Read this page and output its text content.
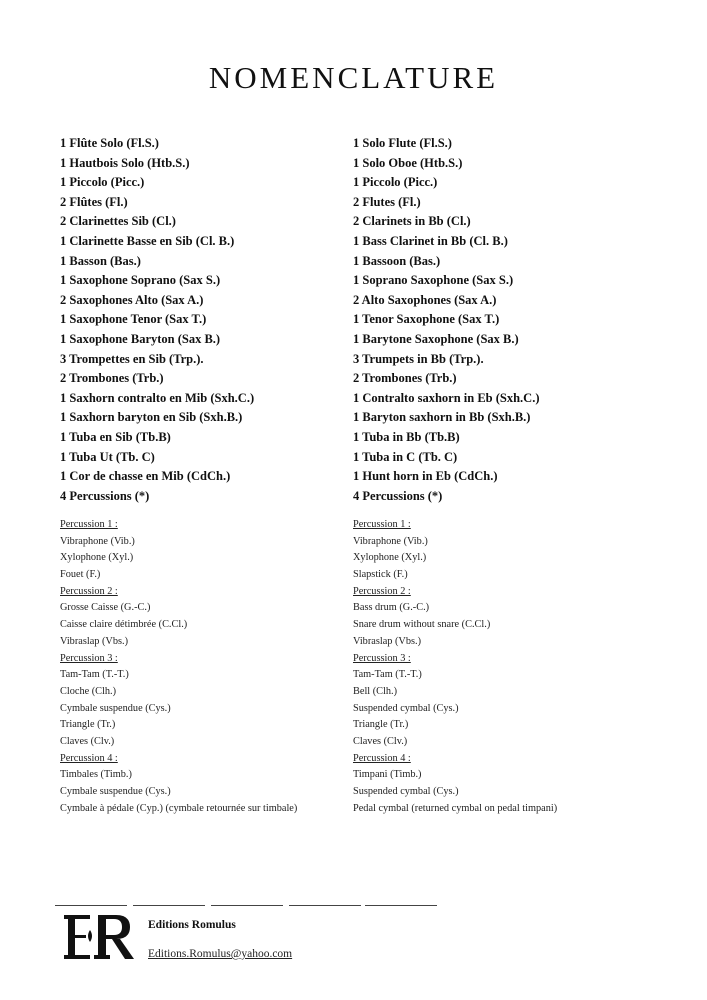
NOMENCLATURE
1 Flûte Solo (Fl.S.)
1 Hautbois Solo (Htb.S.)
1 Piccolo (Picc.)
2 Flûtes (Fl.)
2 Clarinettes Sib (Cl.)
1 Clarinette Basse en Sib (Cl. B.)
1 Basson (Bas.)
1 Saxophone Soprano (Sax S.)
2 Saxophones Alto (Sax A.)
1 Saxophone Tenor (Sax T.)
1 Saxophone Baryton (Sax B.)
3 Trompettes en Sib (Trp.).
2 Trombones (Trb.)
1 Saxhorn contralto en Mib (Sxh.C.)
1 Saxhorn baryton en Sib (Sxh.B.)
1 Tuba en Sib (Tb.B)
1 Tuba Ut (Tb. C)
1 Cor de chasse en Mib (CdCh.)
4 Percussions (*)
1 Solo Flute (Fl.S.)
1 Solo Oboe (Htb.S.)
1 Piccolo (Picc.)
2 Flutes (Fl.)
2 Clarinets in Bb (Cl.)
1 Bass Clarinet in Bb (Cl. B.)
1 Bassoon (Bas.)
1 Soprano Saxophone (Sax S.)
2 Alto Saxophones (Sax A.)
1 Tenor Saxophone (Sax T.)
1 Barytone Saxophone (Sax B.)
3 Trumpets in Bb (Trp.).
2 Trombones (Trb.)
1 Contralto saxhorn in Eb (Sxh.C.)
1 Baryton saxhorn in Bb (Sxh.B.)
1 Tuba in Bb (Tb.B)
1 Tuba in C (Tb. C)
1 Hunt horn in Eb (CdCh.)
4 Percussions (*)
Percussion 1 :
Vibraphone (Vib.)
Xylophone (Xyl.)
Fouet (F.)
Percussion 2 :
Grosse Caisse (G.-C.)
Caisse claire détimbrée (C.Cl.)
Vibraslap (Vbs.)
Percussion 3 :
Tam-Tam (T.-T.)
Cloche (Clh.)
Cymbale suspendue (Cys.)
Triangle (Tr.)
Claves (Clv.)
Percussion 4 :
Timbales (Timb.)
Cymbale suspendue (Cys.)
Cymbale à pédale (Cyp.) (cymbale retournée sur timbale)
Percussion 1 :
Vibraphone (Vib.)
Xylophone (Xyl.)
Slapstick (F.)
Percussion 2 :
Bass drum (G.-C.)
Snare drum without snare (C.Cl.)
Vibraslap (Vbs.)
Percussion 3 :
Tam-Tam (T.-T.)
Bell (Clh.)
Suspended cymbal (Cys.)
Triangle (Tr.)
Claves (Clv.)
Percussion 4 :
Timpani (Timb.)
Suspended cymbal (Cys.)
Pedal cymbal (returned cymbal on pedal timpani)
Editions Romulus
Editions.Romulus@yahoo.com
